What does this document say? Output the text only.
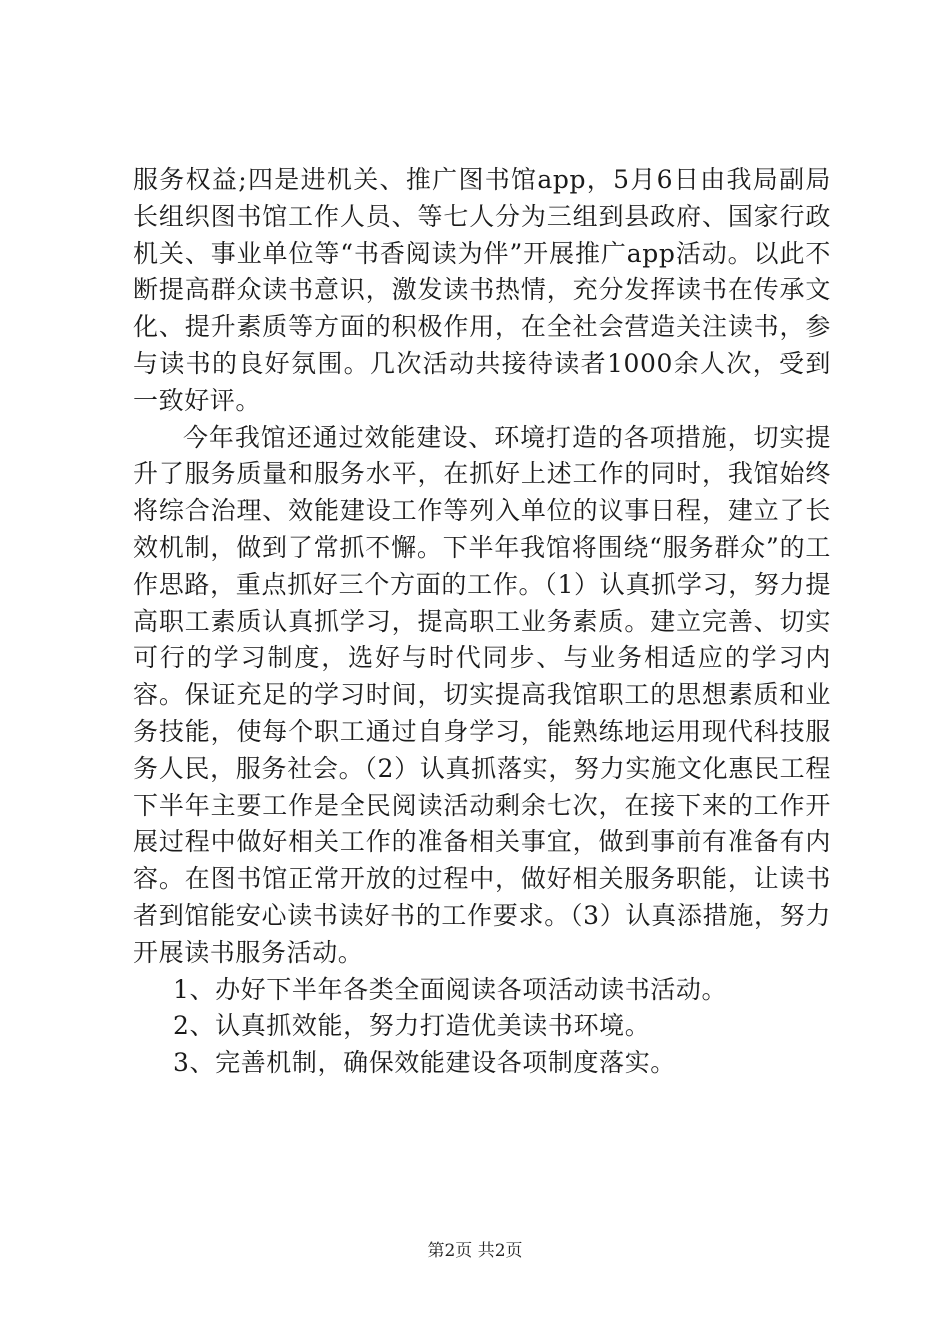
服务权益;四是进机关、推广图书馆app，5月6日由我局副局长组织图书馆工作人员、等七人分为三组到县政府、国家行政机关、事业单位等“书香阅读为伴”开展推广app活动。以此不断提高群众读书意识，激发读书热情，充分发挥读书在传承文化、提升素质等方面的积极作用，在全社会营造关注读书，参与读书的良好氛围。几次活动共接待读者1000余人次，受到一致好评。

今年我馆还通过效能建设、环境打造的各项措施，切实提升了服务质量和服务水平，在抓好上述工作的同时，我馆始终将综合治理、效能建设工作等列入单位的议事日程，建立了长效机制，做到了常抓不懈。下半年我馆将围绕“服务群众”的工作思路，重点抓好三个方面的工作。（1）认真抓学习，努力提高职工素质认真抓学习，提高职工业务素质。建立完善、切实可行的学习制度，选好与时代同步、与业务相适应的学习内容。保证充足的学习时间，切实提高我馆职工的思想素质和业务技能，使每个职工通过自身学习，能熟练地运用现代科技服务人民，服务社会。（2）认真抓落实，努力实施文化惠民工程下半年主要工作是全民阅读活动剩余七次，在接下来的工作开展过程中做好相关工作的准备相关事宜，做到事前有准备有内容。在图书馆正常开放的过程中，做好相关服务职能，让读书者到馆能安心读书读好书的工作要求。（3）认真添措施，努力开展读书服务活动。

1、办好下半年各类全面阅读各项活动读书活动。

2、认真抓效能，努力打造优美读书环境。

3、完善机制，确保效能建设各项制度落实。

第2页 共2页
